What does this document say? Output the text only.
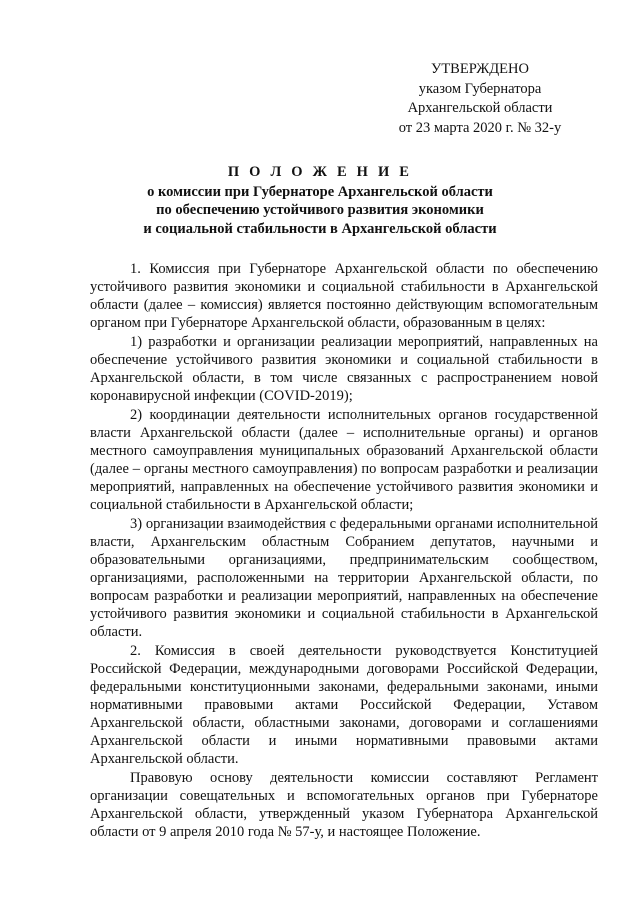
УТВЕРЖДЕНО
указом Губернатора
Архангельской области
от 23 марта 2020 г. № 32-у
П О Л О Ж Е Н И Е
о комиссии при Губернаторе Архангельской области
по обеспечению устойчивого развития экономики
и социальной стабильности в Архангельской области

1. Комиссия при Губернаторе Архангельской области по обеспечению устойчивого развития экономики и социальной стабильности в Архангельской области (далее – комиссия) является постоянно действующим вспомогательным органом при Губернаторе Архангельской области, образованным в целях:

1) разработки и организации реализации мероприятий, направленных на обеспечение устойчивого развития экономики и социальной стабильности в Архангельской области, в том числе связанных с распространением новой коронавирусной инфекции (COVID-2019);

2) координации деятельности исполнительных органов государственной власти Архангельской области (далее – исполнительные органы) и органов местного самоуправления муниципальных образований Архангельской области (далее – органы местного самоуправления) по вопросам разработки и реализации мероприятий, направленных на обеспечение устойчивого развития экономики и социальной стабильности в Архангельской области;

3) организации взаимодействия с федеральными органами исполнительной власти, Архангельским областным Собранием депутатов, научными и образовательными организациями, предпринимательским сообществом, организациями, расположенными на территории Архангельской области, по вопросам разработки и реализации мероприятий, направленных на обеспечение устойчивого развития экономики и социальной стабильности в Архангельской области.

2. Комиссия в своей деятельности руководствуется Конституцией Российской Федерации, международными договорами Российской Федерации, федеральными конституционными законами, федеральными законами, иными нормативными правовыми актами Российской Федерации, Уставом Архангельской области, областными законами, договорами и соглашениями Архангельской области и иными нормативными правовыми актами Архангельской области.

Правовую основу деятельности комиссии составляют Регламент организации совещательных и вспомогательных органов при Губернаторе Архангельской области, утвержденный указом Губернатора Архангельской области от 9 апреля 2010 года № 57-у, и настоящее Положение.
